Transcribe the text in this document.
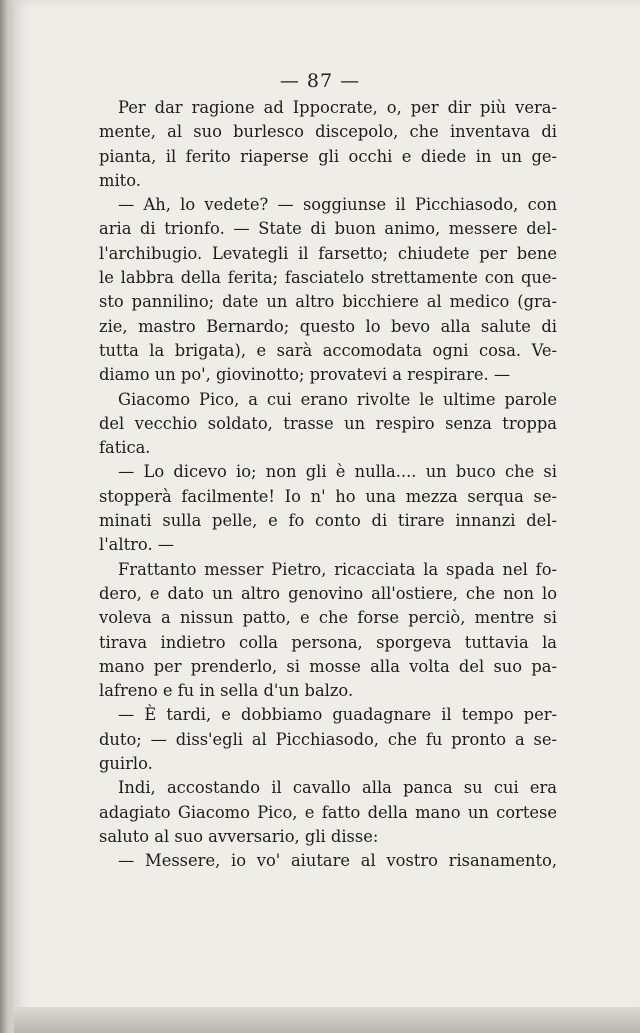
— 87 —
Per dar ragione ad Ippocrate, o, per dir più vera-
mente, al suo burlesco discepolo, che inventava di
pianta, il ferito riaperse gli occhi e diede in un ge-
mito.
— Ah, lo vedete? — soggiunse il Picchiasodo, con
aria di trionfo. — State di buon animo, messere del-
l'archibugio. Levategli il farsetto; chiudete per bene
le labbra della ferita; fasciatelo strettamente con que-
sto pannilino; date un altro bicchiere al medico (gra-
zie, mastro Bernardo; questo lo bevo alla salute di
tutta la brigata), e sarà accomodata ogni cosa. Ve-
diamo un po', giovinotto; provatevi a respirare. —
Giacomo Pico, a cui erano rivolte le ultime parole
del vecchio soldato, trasse un respiro senza troppa
fatica.
— Lo dicevo io; non gli è nulla.... un buco che si
stopperà facilmente! Io n' ho una mezza serqua se-
minati sulla pelle, e fo conto di tirare innanzi del-
l'altro. —
Frattanto messer Pietro, ricacciata la spada nel fo-
dero, e dato un altro genovino all'ostiere, che non lo
voleva a nissun patto, e che forse perciò, mentre si
tirava indietro colla persona, sporgeva tuttavia la
mano per prenderlo, si mosse alla volta del suo pa-
lafreno e fu in sella d'un balzo.
— È tardi, e dobbiamo guadagnare il tempo per-
duto; — diss'egli al Picchiasodo, che fu pronto a se-
guirlo.
Indi, accostando il cavallo alla panca su cui era
adagiato Giacomo Pico, e fatto della mano un cortese
saluto al suo avversario, gli disse:
— Messere, io vo' aiutare al vostro risanamento,
